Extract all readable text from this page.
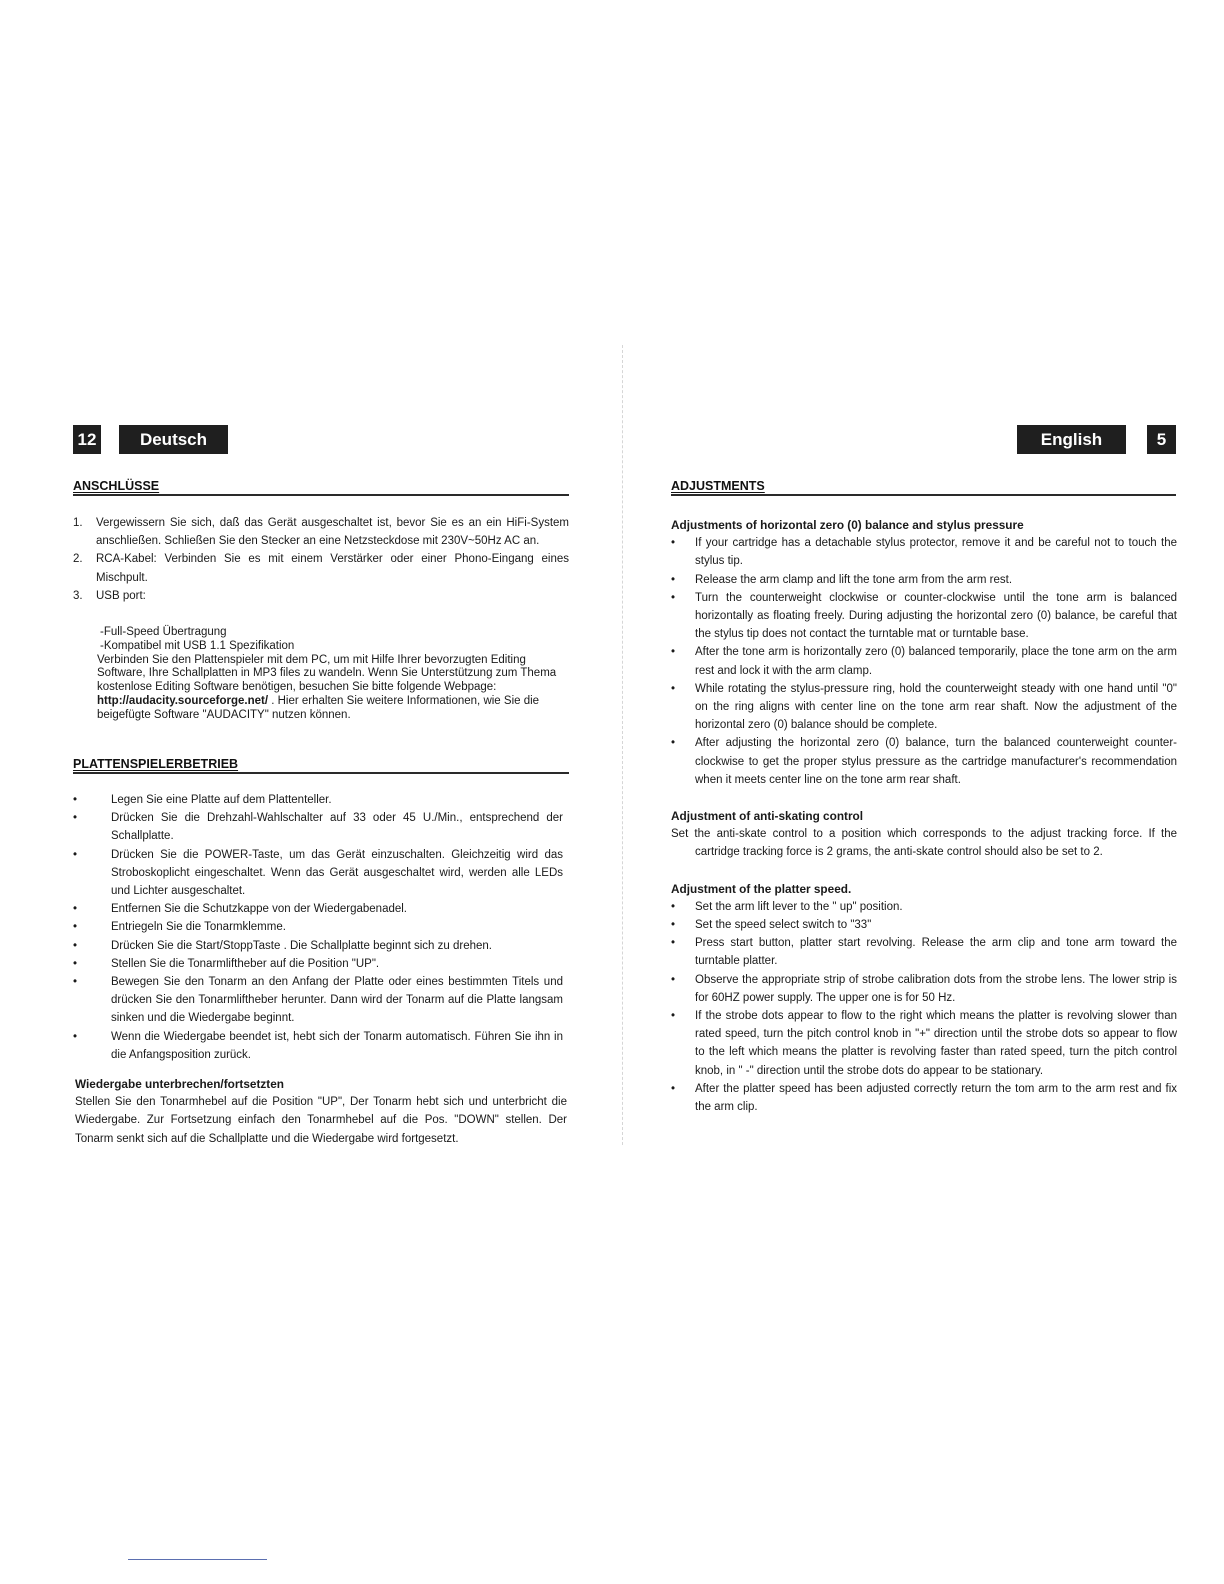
12	Deutsch
ANSCHLÜSSE
1. Vergewissern Sie sich, daß das Gerät ausgeschaltet ist, bevor Sie es an ein HiFi-System anschließen. Schließen Sie den Stecker an eine Netzsteckdose mit 230V~50Hz AC an.
2. RCA-Kabel: Verbinden Sie es mit einem Verstärker oder einer Phono-Eingang eines Mischpult.
3. USB port:

-Full-Speed Übertragung

-Kompatibel mit USB 1.1 Spezifikation

Verbinden Sie den Plattenspieler mit dem PC, um mit Hilfe Ihrer bevorzugten Editing Software, Ihre Schallplatten in MP3 files zu wandeln. Wenn Sie Unterstützung zum Thema kostenlose Editing Software benötigen, besuchen Sie bitte folgende Webpage: http://audacity.sourceforge.net/ . Hier erhalten Sie weitere Informationen, wie Sie die beigefügte Software "AUDACITY" nutzen können.

PLATTENSPIELERBETRIEB
•	Legen Sie eine Platte auf dem Plattenteller.
•	Drücken Sie die Drehzahl-Wahlschalter auf 33 oder 45 U./Min., entsprechend der Schallplatte.
•	Drücken Sie die POWER-Taste, um das Gerät einzuschalten. Gleichzeitig wird das Stroboskoplicht eingeschaltet. Wenn das Gerät ausgeschaltet wird, werden alle LEDs und Lichter ausgeschaltet.
•	Entfernen Sie die Schutzkappe von der Wiedergabenadel.
•	Entriegeln Sie die Tonarmklemme.
•	Drücken Sie die Start/StoppTaste . Die Schallplatte beginnt sich zu drehen.
•	Stellen Sie die Tonarmliftheber auf die Position "UP".
•	Bewegen Sie den Tonarm an den Anfang der Platte oder eines bestimmten Titels und drücken Sie den Tonarmliftheber herunter. Dann wird der Tonarm auf die Platte langsam sinken und die Wiedergabe beginnt.
•	Wenn die Wiedergabe beendet ist, hebt sich der Tonarm automatisch. Führen Sie ihn in die Anfangsposition zurück.

Wiedergabe unterbrechen/fortsetzten

Stellen Sie den Tonarmhebel auf die Position "UP", Der Tonarm hebt sich und unterbricht die Wiedergabe. Zur Fortsetzung einfach den Tonarmhebel auf die Pos. "DOWN" stellen. Der Tonarm senkt sich auf die Schallplatte und die Wiedergabe wird fortgesetzt.

English	5
ADJUSTMENTS

Adjustments of horizontal zero (0) balance and stylus pressure

• If your cartridge has a detachable stylus protector, remove it and be careful not to touch the stylus tip.
• Release the arm clamp and lift the tone arm from the arm rest.
• Turn the counterweight clockwise or counter-clockwise until the tone arm is balanced horizontally as floating freely. During adjusting the horizontal zero (0) balance, be careful that the stylus tip does not contact the turntable mat or turntable base.
• After the tone arm is horizontally zero (0) balanced temporarily, place the tone arm on the arm rest and lock it with the arm clamp.
• While rotating the stylus-pressure ring, hold the counterweight steady with one hand until "0" on the ring aligns with center line on the tone arm rear shaft. Now the adjustment of the horizontal zero (0) balance should be complete.
• After adjusting the horizontal zero (0) balance, turn the balanced counterweight counter-clockwise to get the proper stylus pressure as the cartridge manufacturer's recommendation when it meets center line on the tone arm rear shaft.

Adjustment of anti-skating control

Set the anti-skate control to a position which corresponds to the adjust tracking force. If the cartridge tracking force is 2 grams, the anti-skate control should also be set to 2.

Adjustment of the platter speed.

• Set the arm lift lever to the " up" position.
• Set the speed select switch to "33"
• Press start button, platter start revolving. Release the arm clip and tone arm toward the turntable platter.
• Observe the appropriate strip of strobe calibration dots from the strobe lens. The lower strip is for 60HZ power supply. The upper one is for 50 Hz.
• If the strobe dots appear to flow to the right which means the platter is revolving slower than rated speed, turn the pitch control knob in "+" direction until the strobe dots so appear to flow to the left which means the platter is revolving faster than rated speed, turn the pitch control knob, in " -" direction until the strobe dots do appear to be stationary.
• After the platter speed has been adjusted correctly return the tom arm to the arm rest and fix the arm clip.
